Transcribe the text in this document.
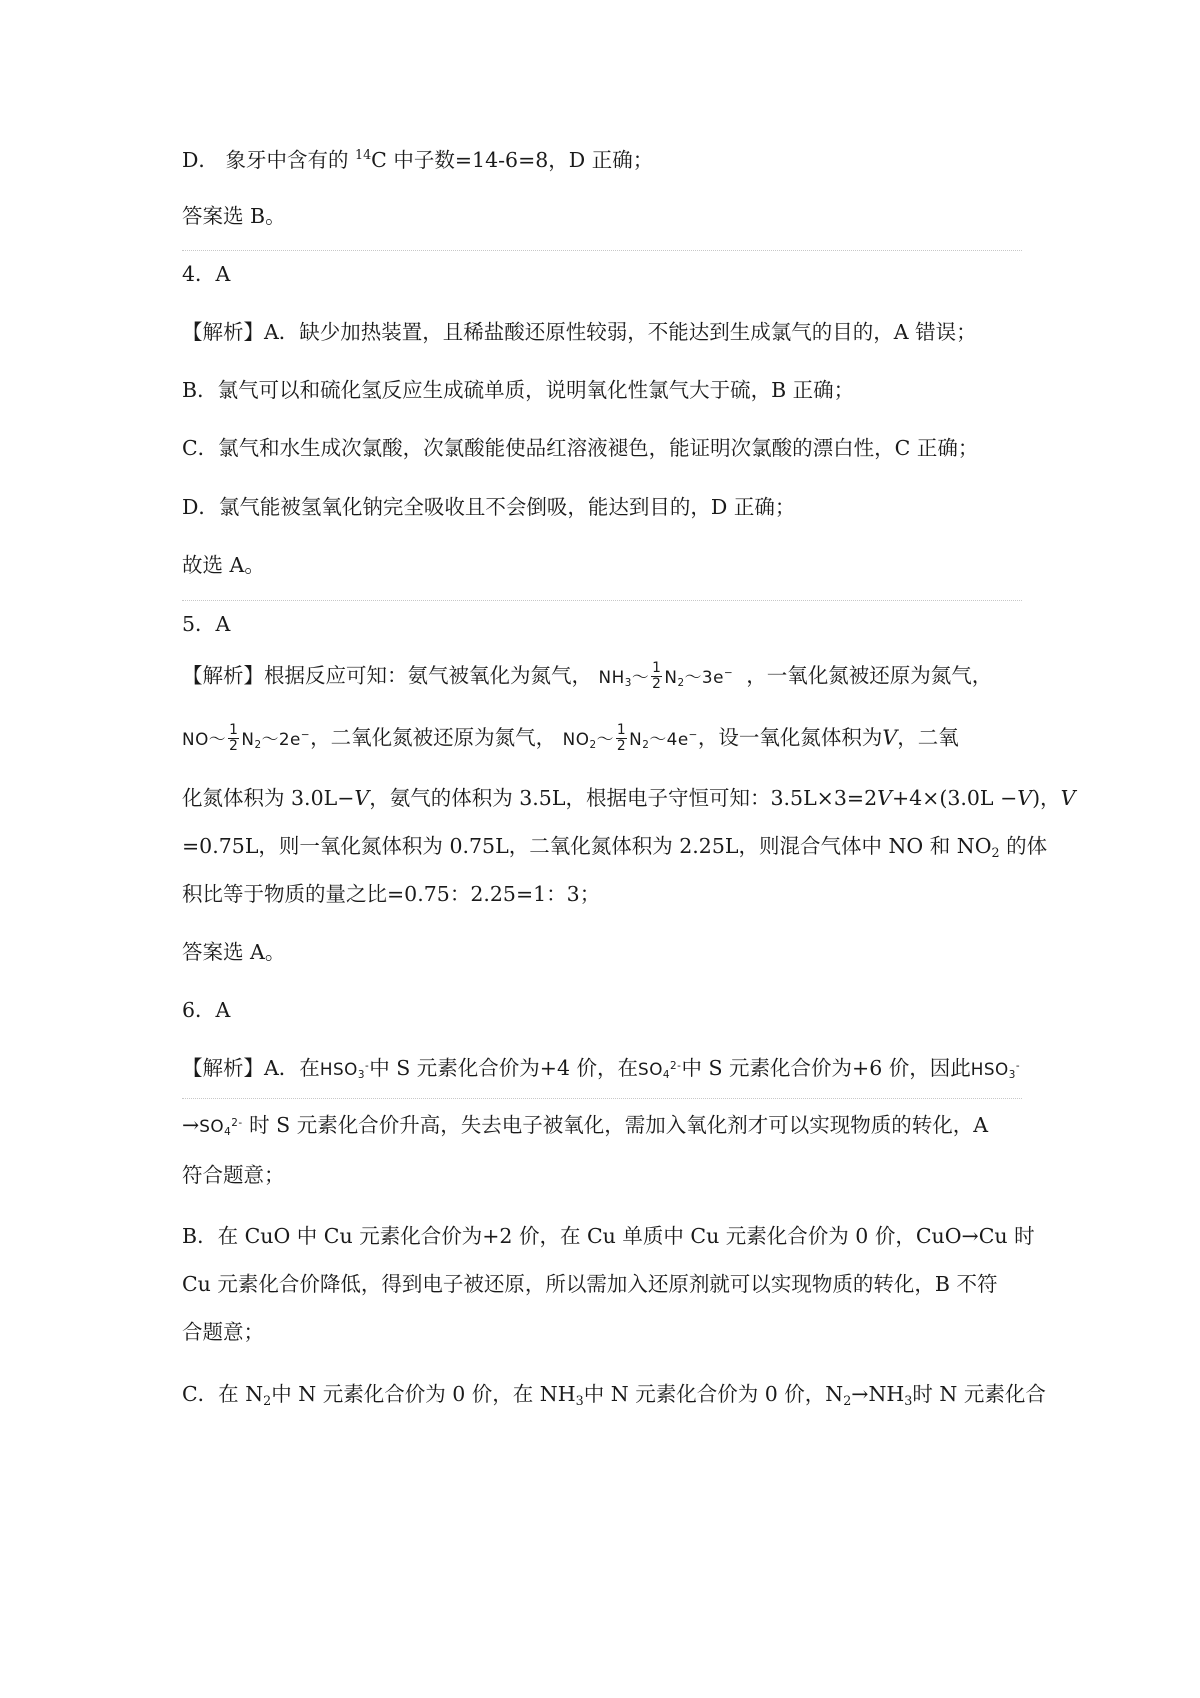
D． 象牙中含有的 $^{14}$C 中子数=14-6=8，D 正确；
答案选 B。
4．A
【解析】A．缺少加热装置，且稀盐酸还原性较弱，不能达到生成氯气的目的，A 错误；
B．氯气可以和硫化氢反应生成硫单质，说明氧化性氯气大于硫，B 正确；
C．氯气和水生成次氯酸，次氯酸能使品红溶液褪色，能证明次氯酸的漂白性，C 正确；
D．氯气能被氢氧化钠完全吸收且不会倒吸，能达到目的，D 正确；
故选 A。
5．A
【解析】根据反应可知：氨气被氧化为氮气， $NH_3\sim \frac{1}{2}$ $N_2\sim 3e^-$ ，一氧化氮被还原为氮气，
NO～ $\frac{1}{2}$ $N_2\sim 2e^-$，二氧化氮被还原为氮气， $NO_2\sim \frac{1}{2}$ $N_2\sim 4e^-$，设一氧化氮体积为V，二氧
化氮体积为 3.0L−V，氨气的体积为 3.5L，根据电子守恒可知：3.5L×3=2V+4×(3.0L −V)，V
=0.75L，则一氧化氮体积为 0.75L，二氧化氮体积为 2.25L，则混合气体中 NO 和 $NO_2$ 的体
积比等于物质的量之比=0.75：2.25=1：3；
答案选 A。
6．A
【解析】A．在$HSO_3^-$中 S 元素化合价为+4 价，在$SO_4^{2-}$中 S 元素化合价为+6 价，因此$HSO_3^-$
$\to SO_4^{2-}$ 时 S 元素化合价升高，失去电子被氧化，需加入氧化剂才可以实现物质的转化，A
符合题意；
B．在 CuO 中 Cu 元素化合价为+2 价，在 Cu 单质中 Cu 元素化合价为 0 价，CuO→Cu 时
Cu 元素化合价降低，得到电子被还原，所以需加入还原剂就可以实现物质的转化，B 不符
合题意；
C．在 $N_2$中 N 元素化合价为 0 价，在 $NH_3$中 N 元素化合价为 0 价，$N_2\to NH_3$时 N 元素化合
